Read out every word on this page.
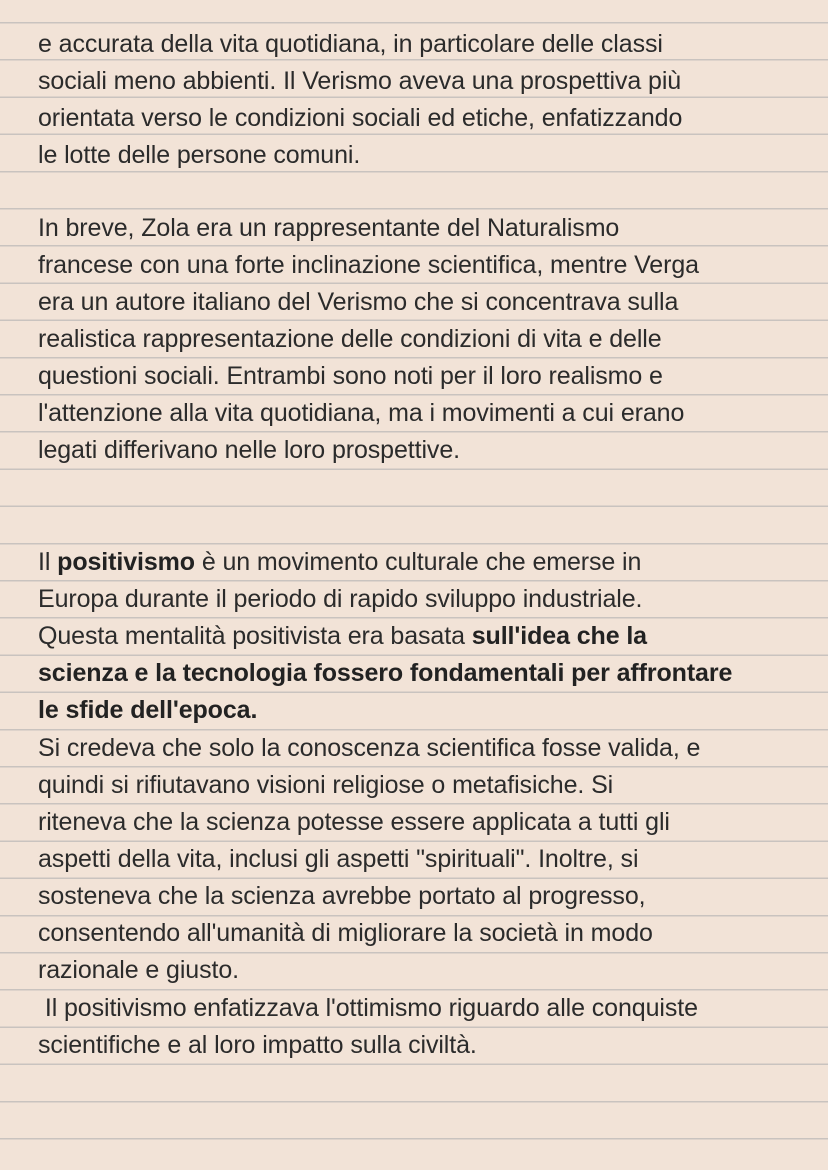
e accurata della vita quotidiana, in particolare delle classi
sociali meno abbienti. Il Verismo aveva una prospettiva più
orientata verso le condizioni sociali ed etiche, enfatizzando
le lotte delle persone comuni.
In breve, Zola era un rappresentante del Naturalismo
francese con una forte inclinazione scientifica, mentre Verga
era un autore italiano del Verismo che si concentrava sulla
realistica rappresentazione delle condizioni di vita e delle
questioni sociali. Entrambi sono noti per il loro realismo e
l'attenzione alla vita quotidiana, ma i movimenti a cui erano
legati differivano nelle loro prospettive.
Il positivismo è un movimento culturale che emerse in
Europa durante il periodo di rapido sviluppo industriale.
Questa mentalità positivista era basata sull'idea che la
scienza e la tecnologia fossero fondamentali per affrontare
le sfide dell'epoca.
Si credeva che solo la conoscenza scientifica fosse valida, e
quindi si rifiutavano visioni religiose o metafisiche. Si
riteneva che la scienza potesse essere applicata a tutti gli
aspetti della vita, inclusi gli aspetti "spirituali". Inoltre, si
sosteneva che la scienza avrebbe portato al progresso,
consentendo all'umanità di migliorare la società in modo
razionale e giusto.
Il positivismo enfatizzava l'ottimismo riguardo alle conquiste
scientifiche e al loro impatto sulla civiltà.
